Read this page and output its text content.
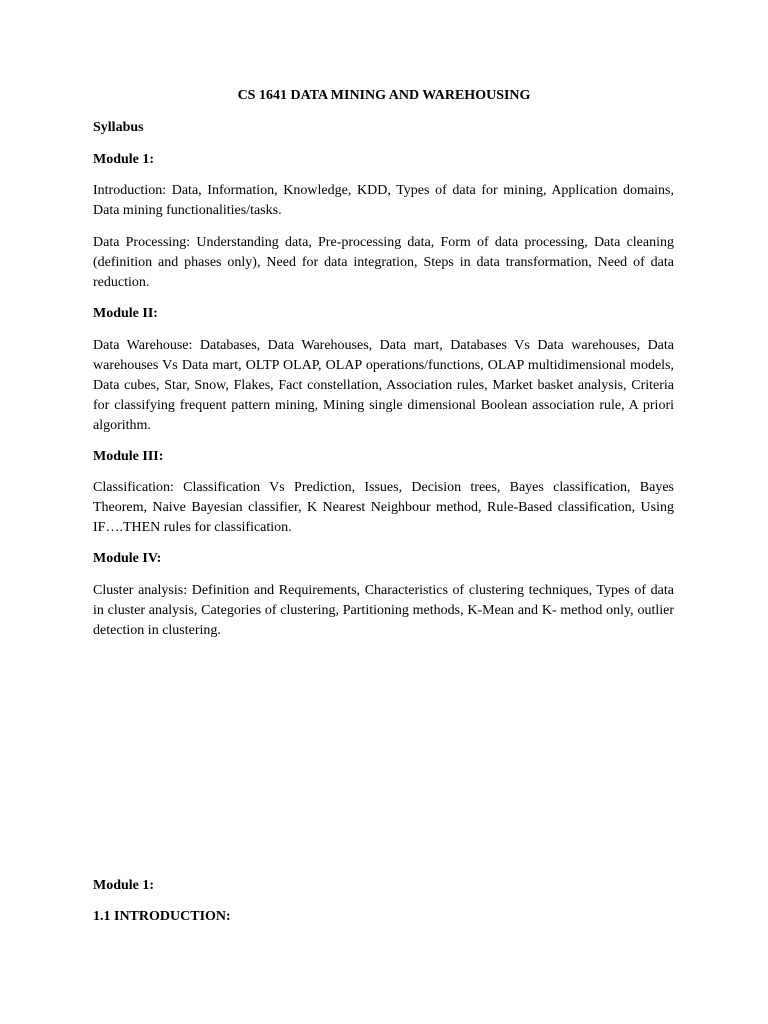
CS 1641 DATA MINING AND WAREHOUSING
Syllabus
Module 1:
Introduction: Data, Information, Knowledge, KDD, Types of data for mining, Application domains, Data mining functionalities/tasks.
Data Processing: Understanding data, Pre-processing data, Form of data processing, Data cleaning (definition and phases only), Need for data integration, Steps in data transformation, Need of data reduction.
Module II:
Data Warehouse: Databases, Data Warehouses, Data mart, Databases Vs Data warehouses, Data warehouses Vs Data mart, OLTP OLAP, OLAP operations/functions, OLAP multidimensional models, Data cubes, Star, Snow, Flakes, Fact constellation, Association rules, Market basket analysis, Criteria for classifying frequent pattern mining, Mining single dimensional Boolean association rule, A priori algorithm.
Module III:
Classification: Classification Vs Prediction, Issues, Decision trees, Bayes classification, Bayes Theorem, Naive Bayesian classifier, K Nearest Neighbour method, Rule-Based classification, Using IF….THEN rules for classification.
Module IV:
Cluster analysis: Definition and Requirements, Characteristics of clustering techniques, Types of data in cluster analysis, Categories of clustering, Partitioning methods, K-Mean and K- method only, outlier detection in clustering.
Module 1:
1.1 INTRODUCTION:
